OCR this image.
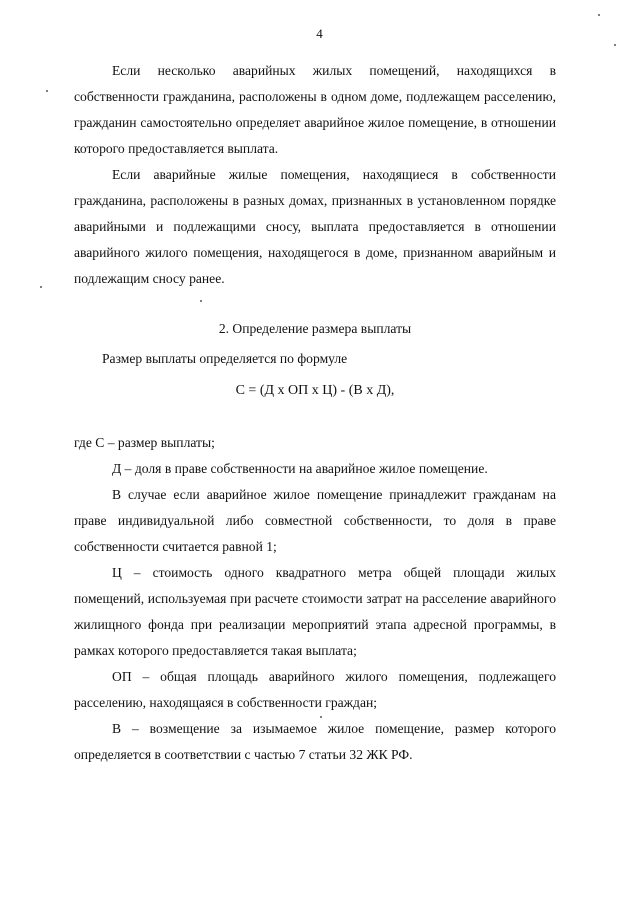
4

Если несколько аварийных жилых помещений, находящихся в собственности гражданина, расположены в одном доме, подлежащем расселению, гражданин самостоятельно определяет аварийное жилое помещение, в отношении которого предоставляется выплата.

Если аварийные жилые помещения, находящиеся в собственности гражданина, расположены в разных домах, признанных в установленном порядке аварийными и подлежащими сносу, выплата предоставляется в отношении аварийного жилого помещения, находящегося в доме, признанном аварийным и подлежащим сносу ранее.

2. Определение размера выплаты

Размер выплаты определяется по формуле

С = (Д х ОП х Ц) - (В х Д),

где С – размер выплаты;

Д – доля в праве собственности на аварийное жилое помещение.

В случае если аварийное жилое помещение принадлежит гражданам на праве индивидуальной либо совместной собственности, то доля в праве собственности считается равной 1;

Ц – стоимость одного квадратного метра общей площади жилых помещений, используемая при расчете стоимости затрат на расселение аварийного жилищного фонда при реализации мероприятий этапа адресной программы, в рамках которого предоставляется такая выплата;

ОП – общая площадь аварийного жилого помещения, подлежащего расселению, находящаяся в собственности граждан;

В – возмещение за изымаемое жилое помещение, размер которого определяется в соответствии с частью 7 статьи 32 ЖК РФ.
